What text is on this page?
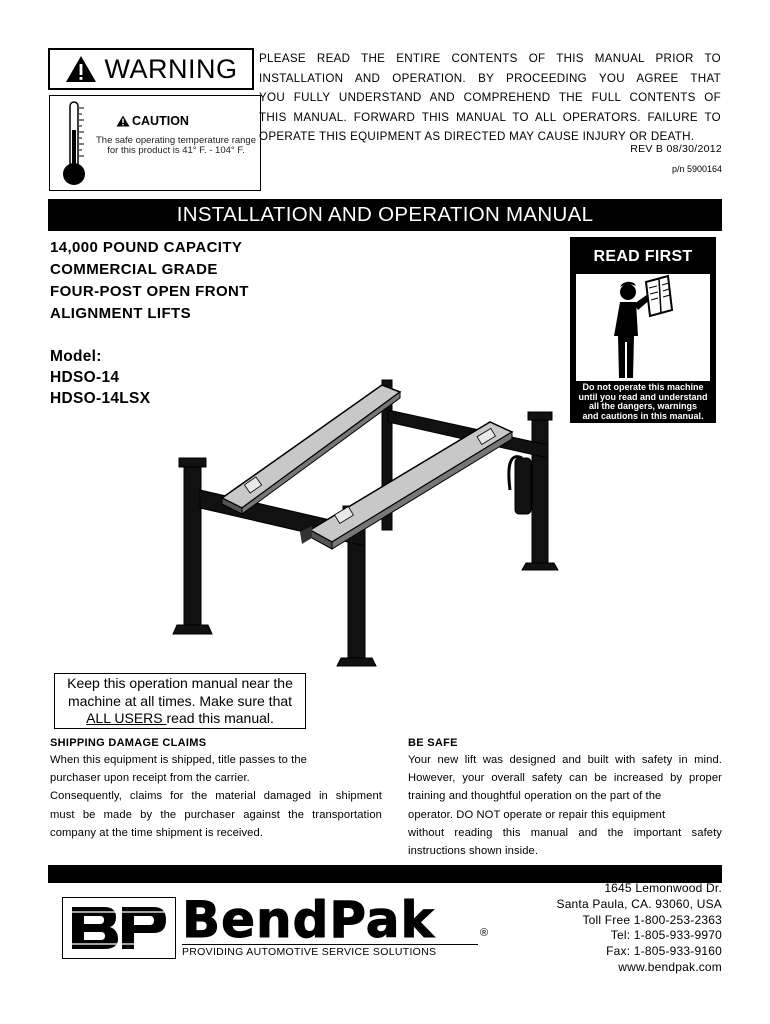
WARNING
CAUTION
The safe operating temperature range for this product is 41° F. - 104° F.
PLEASE READ THE ENTIRE CONTENTS OF THIS MANUAL PRIOR TO
INSTALLATION AND OPERATION. BY PROCEEDING YOU AGREE THAT
YOU FULLY UNDERSTAND AND COMPREHEND THE FULL CONTENTS OF
THIS MANUAL. FORWARD THIS MANUAL TO ALL OPERATORS. FAILURE TO
OPERATE THIS EQUIPMENT AS DIRECTED MAY CAUSE INJURY OR DEATH.
REV B 08/30/2012
p/n 5900164
INSTALLATION AND OPERATION MANUAL
14,000 POUND CAPACITY
COMMERCIAL GRADE
FOUR-POST OPEN FRONT
ALIGNMENT LIFTS
Model:
HDSO-14
HDSO-14LSX
READ FIRST
Do not operate this machine
until you read and understand
all the dangers, warnings
and cautions in this manual.
Keep this operation manual near the
machine at all times. Make sure that
ALL USERS read this manual.
SHIPPING DAMAGE CLAIMS
When this equipment is shipped, title passes to the
purchaser upon receipt from the carrier.
Consequently, claims for the material damaged in shipment
must be made by the purchaser against the transportation
company at the time shipment is received.
BE SAFE
Your new lift was designed and built with safety in mind.
However, your overall safety can be increased by proper
training and thoughtful operation on the part of the
operator. DO NOT operate or repair this equipment
without reading this manual and the important safety
instructions shown inside.
BendPak	®
PROVIDING AUTOMOTIVE SERVICE SOLUTIONS
1645 Lemonwood Dr.
Santa Paula, CA. 93060, USA
Toll Free 1-800-253-2363
Tel: 1-805-933-9970
Fax: 1-805-933-9160
www.bendpak.com
